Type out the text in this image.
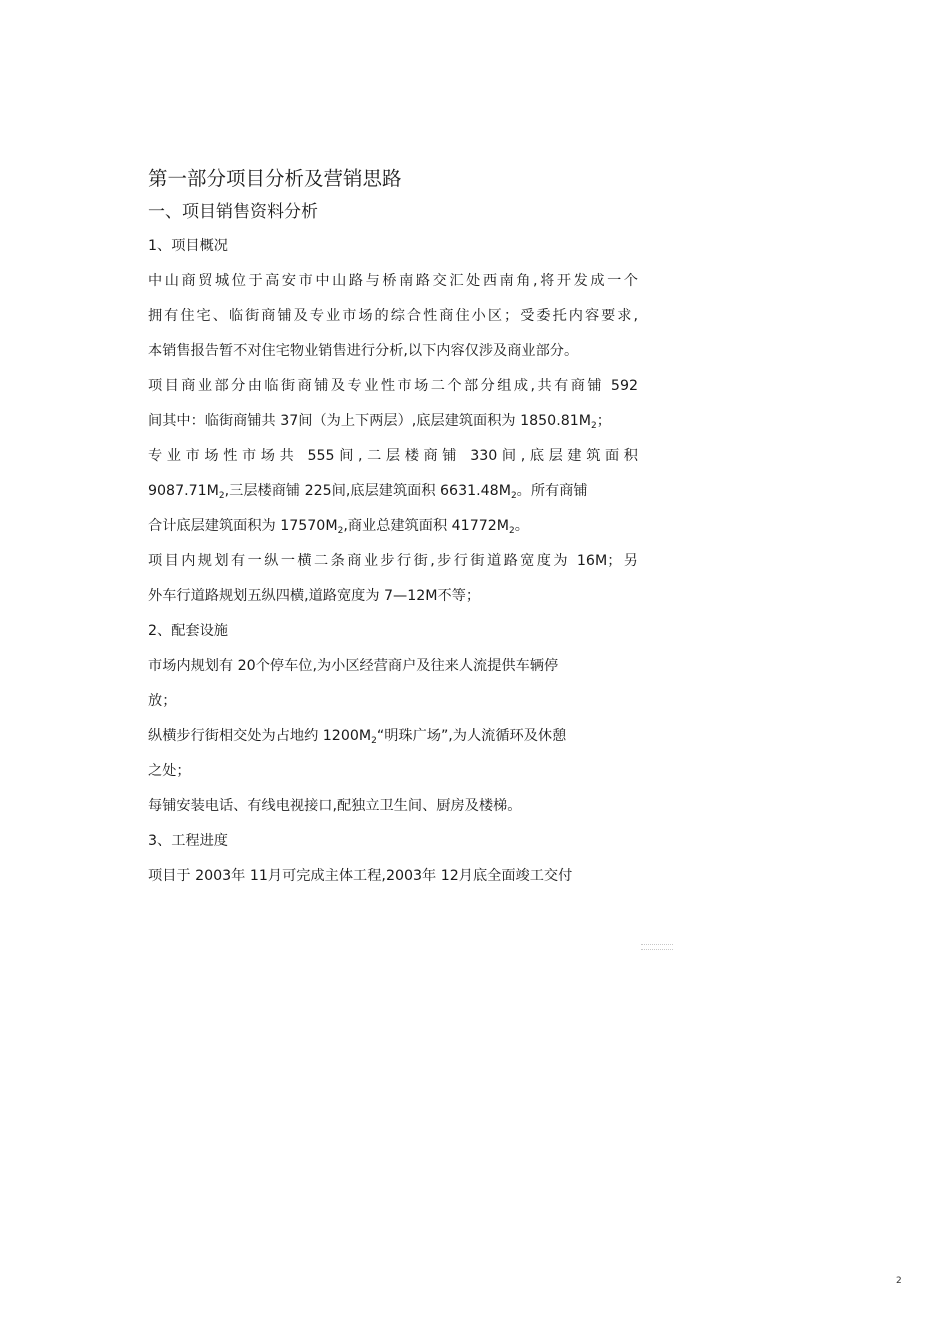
第一部分项目分析及营销思路

一、项目销售资料分析

1、项目概况

中山商贸城位于高安市中山路与桥南路交汇处西南角,将开发成一个

拥有住宅、临街商铺及专业市场的综合性商住小区；受委托内容要求,

本销售报告暂不对住宅物业销售进行分析,以下内容仅涉及商业部分。

项目商业部分由临街商铺及专业性市场二个部分组成,共有商铺 592

间其中：临街商铺共 37间（为上下两层）,底层建筑面积为 $1850.81M_2$；

专业市场性市场共 555间,二层楼商铺 330间,底层建筑面积

$9087.71M_2$,三层楼商铺 225间,底层建筑面积 $6631.48M_2$。所有商铺

合计底层建筑面积为 $17570M_2$,商业总建筑面积 $41772M_2$。

项目内规划有一纵一横二条商业步行街,步行街道路宽度为 16M；另

外车行道路规划五纵四横,道路宽度为 7—12M不等；

2、配套设施

市场内规划有 20个停车位,为小区经营商户及往来人流提供车辆停

放；

纵横步行街相交处为占地约 $1200M_2“$明珠广场”,为人流循环及休憩

之处；

每铺安装电话、有线电视接口,配独立卫生间、厨房及楼梯。

3、工程进度

项目于 2003年 11月可完成主体工程,2003年 12月底全面竣工交付

2
